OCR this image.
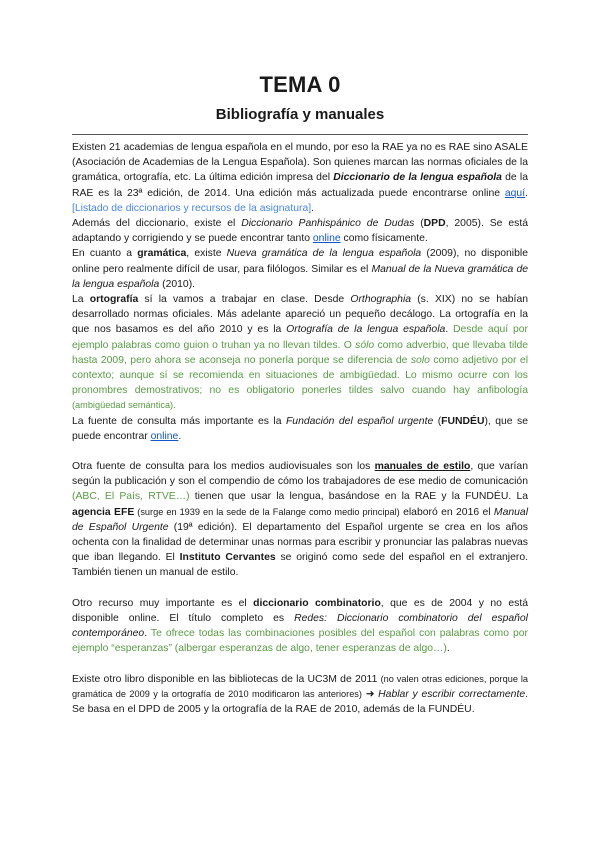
TEMA 0
Bibliografía y manuales

Existen 21 academias de lengua española en el mundo, por eso la RAE ya no es RAE sino ASALE (Asociación de Academias de la Lengua Española). Son quienes marcan las normas oficiales de la gramática, ortografía, etc. La última edición impresa del Diccionario de la lengua española de la RAE es la 23ª edición, de 2014. Una edición más actualizada puede encontrarse online aquí. [Listado de diccionarios y recursos de la asignatura].

Además del diccionario, existe el Diccionario Panhispánico de Dudas (DPD, 2005). Se está adaptando y corrigiendo y se puede encontrar tanto online como físicamente.

En cuanto a gramática, existe Nueva gramática de la lengua española (2009), no disponible online pero realmente difícil de usar, para filólogos. Similar es el Manual de la Nueva gramática de la lengua española (2010).

La ortografía sí la vamos a trabajar en clase. Desde Orthographia (s. XIX) no se habían desarrollado normas oficiales. Más adelante apareció un pequeño decálogo. La ortografía en la que nos basamos es del año 2010 y es la Ortografía de la lengua española. Desde aquí por ejemplo palabras como guion o truhan ya no llevan tildes. O sólo como adverbio, que llevaba tilde hasta 2009, pero ahora se aconseja no ponerla porque se diferencia de solo como adjetivo por el contexto; aunque sí se recomienda en situaciones de ambigüedad. Lo mismo ocurre con los pronombres demostrativos; no es obligatorio ponerles tildes salvo cuando hay anfibología (ambigüedad semántica).

La fuente de consulta más importante es la Fundación del español urgente (FUNDÉU), que se puede encontrar online.

Otra fuente de consulta para los medios audiovisuales son los manuales de estilo, que varían según la publicación y son el compendio de cómo los trabajadores de ese medio de comunicación (ABC, El País, RTVE…) tienen que usar la lengua, basándose en la RAE y la FUNDÉU. La agencia EFE (surge en 1939 en la sede de la Falange como medio principal) elaboró en 2016 el Manual de Español Urgente (19ª edición). El departamento del Español urgente se crea en los años ochenta con la finalidad de determinar unas normas para escribir y pronunciar las palabras nuevas que iban llegando. El Instituto Cervantes se originó como sede del español en el extranjero. También tienen un manual de estilo.

Otro recurso muy importante es el diccionario combinatorio, que es de 2004 y no está disponible online. El título completo es Redes: Diccionario combinatorio del español contemporáneo. Te ofrece todas las combinaciones posibles del español con palabras como por ejemplo “esperanzas” (albergar esperanzas de algo, tener esperanzas de algo…).

Existe otro libro disponible en las bibliotecas de la UC3M de 2011 (no valen otras ediciones, porque la gramática de 2009 y la ortografía de 2010 modificaron las anteriores) ➜ Hablar y escribir correctamente. Se basa en el DPD de 2005 y la ortografía de la RAE de 2010, además de la FUNDÉU.
